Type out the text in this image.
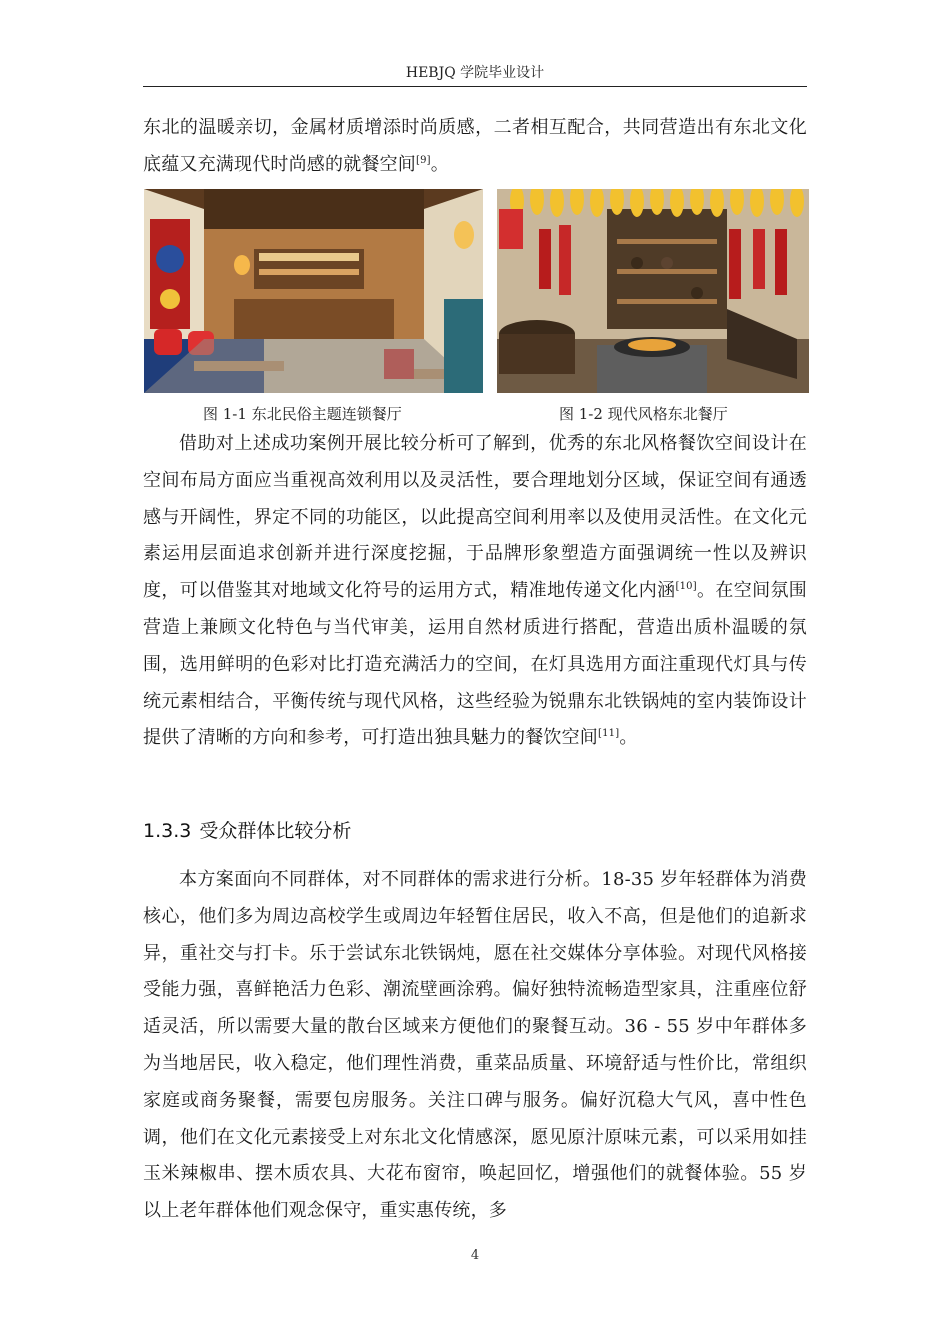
HEBJQ 学院毕业设计

东北的温暖亲切，金属材质增添时尚质感，二者相互配合，共同营造出有东北文化底蕴又充满现代时尚感的就餐空间[9]。

图 1-1 东北民俗主题连锁餐厅	图 1-2 现代风格东北餐厅

借助对上述成功案例开展比较分析可了解到，优秀的东北风格餐饮空间设计在空间布局方面应当重视高效利用以及灵活性，要合理地划分区域，保证空间有通透感与开阔性，界定不同的功能区，以此提高空间利用率以及使用灵活性。在文化元素运用层面追求创新并进行深度挖掘，于品牌形象塑造方面强调统一性以及辨识度，可以借鉴其对地域文化符号的运用方式，精准地传递文化内涵[10]。在空间氛围营造上兼顾文化特色与当代审美，运用自然材质进行搭配，营造出质朴温暖的氛围，选用鲜明的色彩对比打造充满活力的空间，在灯具选用方面注重现代灯具与传统元素相结合，平衡传统与现代风格，这些经验为锐鼎东北铁锅炖的室内装饰设计提供了清晰的方向和参考，可打造出独具魅力的餐饮空间[11]。

1.3.3 受众群体比较分析

本方案面向不同群体，对不同群体的需求进行分析。18-35 岁年轻群体为消费核心，他们多为周边高校学生或周边年轻暂住居民，收入不高，但是他们的追新求异，重社交与打卡。乐于尝试东北铁锅炖，愿在社交媒体分享体验。对现代风格接受能力强，喜鲜艳活力色彩、潮流壁画涂鸦。偏好独特流畅造型家具，注重座位舒适灵活，所以需要大量的散台区域来方便他们的聚餐互动。36 - 55 岁中年群体多为当地居民，收入稳定，他们理性消费，重菜品质量、环境舒适与性价比，常组织家庭或商务聚餐，需要包房服务。关注口碑与服务。偏好沉稳大气风，喜中性色调，他们在文化元素接受上对东北文化情感深，愿见原汁原味元素，可以采用如挂玉米辣椒串、摆木质农具、大花布窗帘，唤起回忆，增强他们的就餐体验。55 岁以上老年群体他们观念保守，重实惠传统，多

4
